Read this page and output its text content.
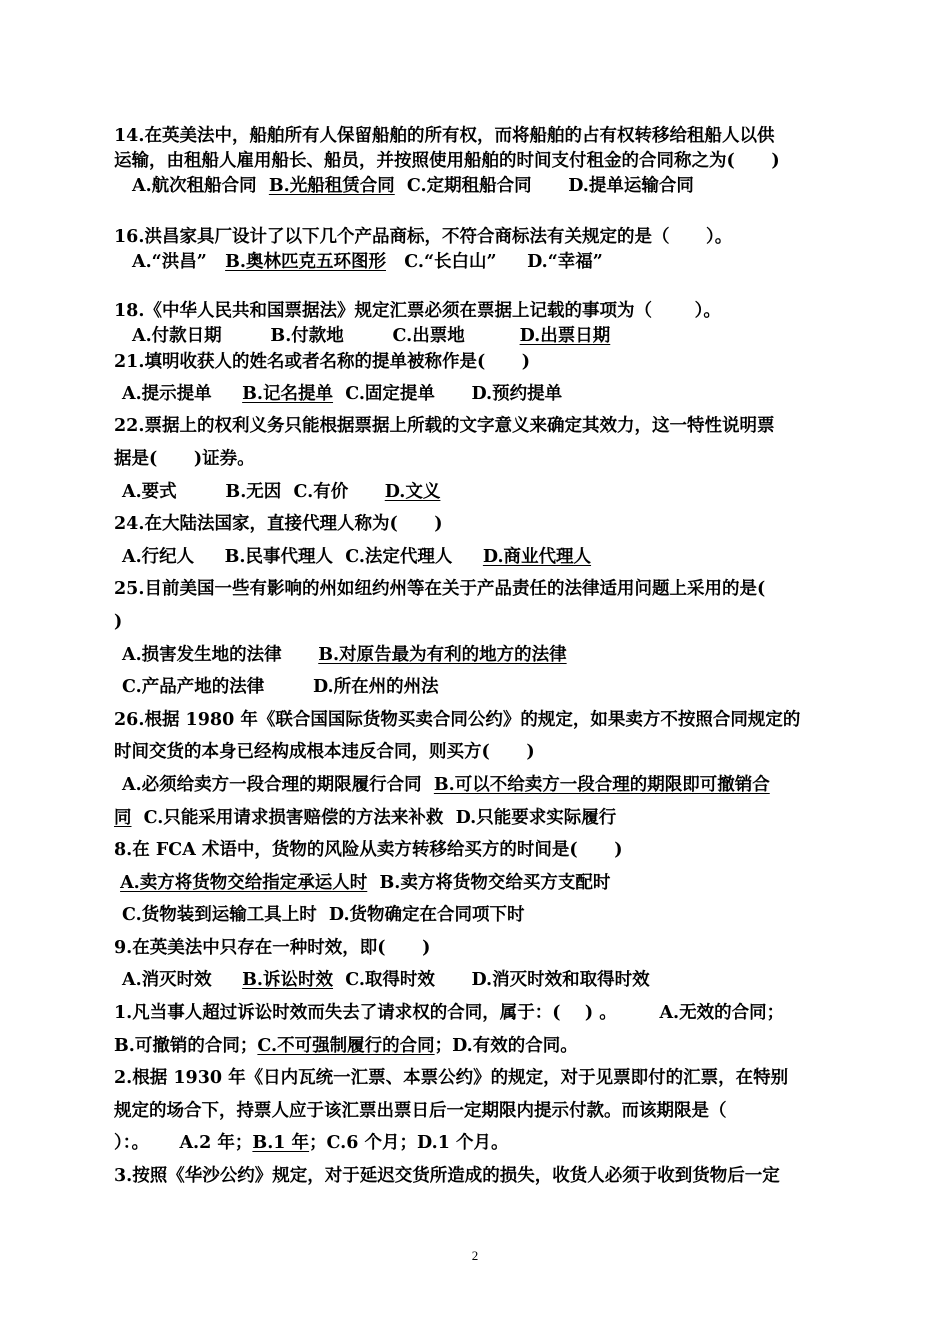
14.在英美法中，船舶所有人保留船舶的所有权，而将船舶的占有权转移给租船人以供
运输，由租船人雇用船长、船员，并按照使用船舶的时间支付租金的合同称之为(      )
A.航次租船合同  B.光船租赁合同  C.定期租船合同      D.提单运输合同
16.洪昌家具厂设计了以下几个产品商标，不符合商标法有关规定的是（      ）。
A.“洪昌”   B.奥林匹克五环图形   C.“长白山”     D.“幸福”
18.《中华人民共和国票据法》规定汇票必须在票据上记载的事项为（       ）。
A.付款日期        B.付款地        C.出票地         D.出票日期
21.填明收获人的姓名或者名称的提单被称作是(      )
A.提示提单     B.记名提单  C.固定提单      D.预约提单
22.票据上的权利义务只能根据票据上所载的文字意义来确定其效力，这一特性说明票
据是(      )证券。
A.要式        B.无因  C.有价      D.文义
24.在大陆法国家，直接代理人称为(      )
A.行纪人     B.民事代理人  C.法定代理人     D.商业代理人
25.目前美国一些有影响的州如纽约州等在关于产品责任的法律适用问题上采用的是(
)
A.损害发生地的法律      B.对原告最为有利的地方的法律
C.产品产地的法律        D.所在州的州法
26.根据 1980 年《联合国国际货物买卖合同公约》的规定，如果卖方不按照合同规定的
时间交货的本身已经构成根本违反合同，则买方(      )
A.必须给卖方一段合理的期限履行合同  B.可以不给卖方一段合理的期限即可撤销合
同  C.只能采用请求损害赔偿的方法来补救  D.只能要求实际履行
8.在 FCA 术语中，货物的风险从卖方转移给买方的时间是(      )
A.卖方将货物交给指定承运人时  B.卖方将货物交给买方支配时
C.货物装到运输工具上时  D.货物确定在合同项下时
9.在英美法中只存在一种时效，即(      )
A.消灭时效     B.诉讼时效  C.取得时效      D.消灭时效和取得时效
1.凡当事人超过诉讼时效而失去了请求权的合同，属于：(    ) 。       A.无效的合同；
B.可撤销的合同；C.不可强制履行的合同；D.有效的合同。
2.根据 1930 年《日内瓦统一汇票、本票公约》的规定，对于见票即付的汇票，在特别
规定的场合下，持票人应于该汇票出票日后一定期限内提示付款。而该期限是（
）：。     A.2 年；B.1 年；C.6 个月；D.1 个月。
3.按照《华沙公约》规定，对于延迟交货所造成的损失，收货人必须于收到货物后一定
2
